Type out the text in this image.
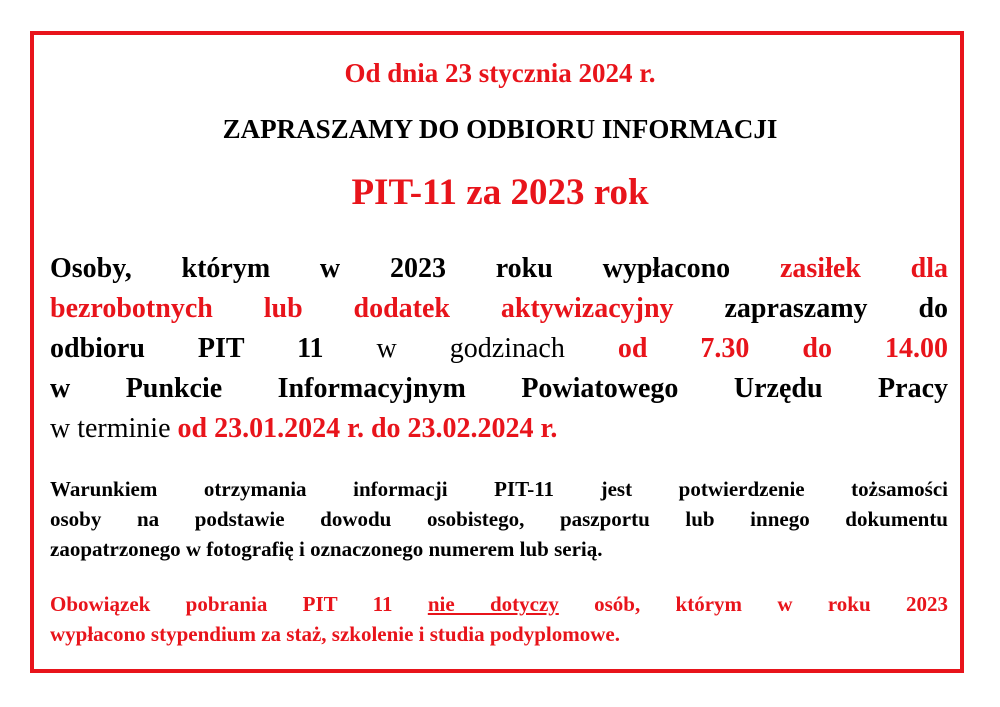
Od dnia 23 stycznia 2024 r.
ZAPRASZAMY DO ODBIORU INFORMACJI
PIT-11 za 2023 rok
Osoby, którym w 2023 roku wypłacono zasiłek dla
bezrobotnych lub dodatek aktywizacyjny zapraszamy do
odbioru PIT 11 w godzinach od 7.30 do 14.00
w Punkcie Informacyjnym Powiatowego Urzędu Pracy
w terminie od 23.01.2024 r. do 23.02.2024 r.
Warunkiem otrzymania informacji PIT-11 jest potwierdzenie tożsamości
osoby na podstawie dowodu osobistego, paszportu lub innego dokumentu
zaopatrzonego w fotografię i oznaczonego numerem lub serią.
Obowiązek pobrania PIT 11 nie dotyczy osób, którym w roku 2023
wypłacono stypendium za staż, szkolenie i studia podyplomowe.
